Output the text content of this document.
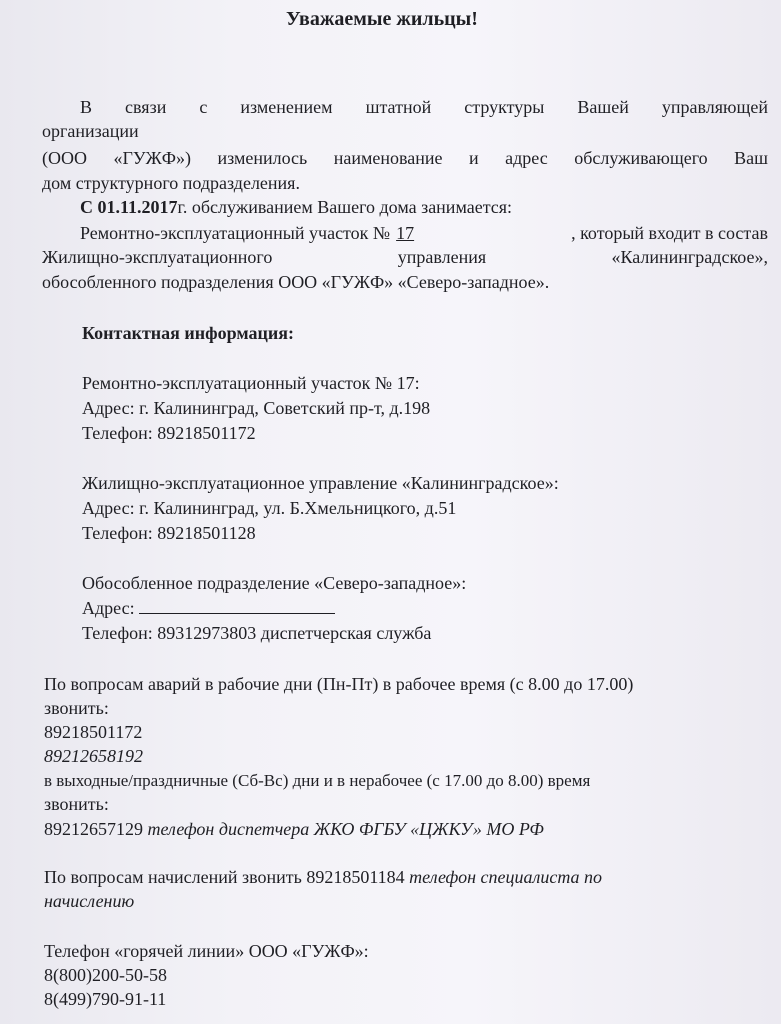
Уважаемые жильцы!
В связи с изменением штатной структуры Вашей управляющей
организации
(ООО «ГУЖФ») изменилось наименование и адрес обслуживающего Ваш
дом структурного подразделения.
С 01.11.2017г. обслуживанием Вашего дома занимается:
Ремонтно-эксплуатационный участок № 17	, который входит в состав
Жилищно-эксплуатационного управления «Калининградское»,
обособленного подразделения ООО «ГУЖФ» «Северо-западное».
Контактная информация:
Ремонтно-эксплуатационный участок № 17:
Адрес: г. Калининград, Советский пр-т, д.198
Телефон: 89218501172
Жилищно-эксплуатационное управление «Калининградское»:
Адрес: г. Калининград, ул. Б.Хмельницкого, д.51
Телефон: 89218501128
Обособленное подразделение «Северо-западное»:
Адрес:
Телефон: 89312973803 диспетчерская служба
По вопросам аварий в рабочие дни (Пн-Пт) в рабочее время (с 8.00 до 17.00)
звонить:
89218501172
89212658192
в выходные/праздничные (Сб-Вс) дни и в нерабочее (с 17.00 до 8.00) время
звонить:
89212657129 телефон диспетчера ЖКО ФГБУ «ЦЖКУ» МО РФ
По вопросам начислений звонить 89218501184 телефон специалиста по
начислению
Телефон «горячей линии» ООО «ГУЖФ»:
8(800)200-50-58
8(499)790-91-11
